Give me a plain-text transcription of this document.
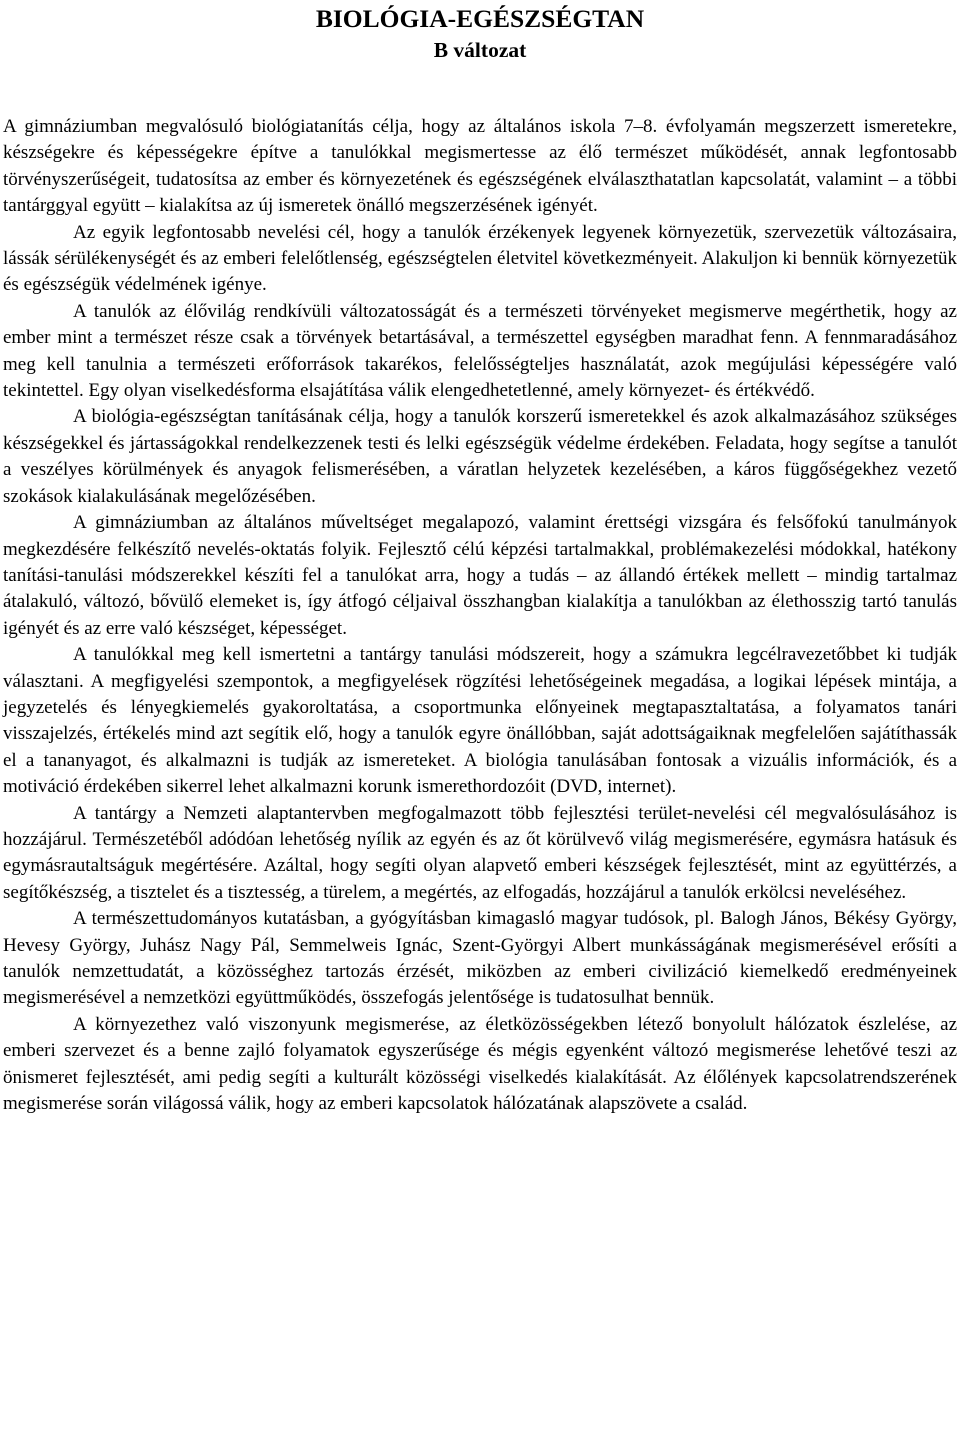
BIOLÓGIA-EGÉSZSÉGTAN
B változat

A gimnáziumban megvalósuló biológiatanítás célja, hogy az általános iskola 7–8. évfolyamán megszerzett ismeretekre, készségekre és képességekre építve a tanulókkal megismertesse az élő természet működését, annak legfontosabb törvényszerűségeit, tudatosítsa az ember és környezetének és egészségének elválaszthatatlan kapcsolatát, valamint – a többi tantárggyal együtt – kialakítsa az új ismeretek önálló megszerzésének igényét.

Az egyik legfontosabb nevelési cél, hogy a tanulók érzékenyek legyenek környezetük, szervezetük változásaira, lássák sérülékenységét és az emberi felelőtlenség, egészségtelen életvitel következményeit. Alakuljon ki bennük környezetük és egészségük védelmének igénye.

A tanulók az élővilág rendkívüli változatosságát és a természeti törvényeket megismerve megérthetik, hogy az ember mint a természet része csak a törvények betartásával, a természettel egységben maradhat fenn. A fennmaradásához meg kell tanulnia a természeti erőforrások takarékos, felelősségteljes használatát, azok megújulási képességére való tekintettel. Egy olyan viselkedésforma elsajátítása válik elengedhetetlenné, amely környezet- és értékvédő.

A biológia-egészségtan tanításának célja, hogy a tanulók korszerű ismeretekkel és azok alkalmazásához szükséges készségekkel és jártasságokkal rendelkezzenek testi és lelki egészségük védelme érdekében. Feladata, hogy segítse a tanulót a veszélyes körülmények és anyagok felismerésében, a váratlan helyzetek kezelésében, a káros függőségekhez vezető szokások kialakulásának megelőzésében.

A gimnáziumban az általános műveltséget megalapozó, valamint érettségi vizsgára és felsőfokú tanulmányok megkezdésére felkészítő nevelés-oktatás folyik. Fejlesztő célú képzési tartalmakkal, problémakezelési módokkal, hatékony tanítási-tanulási módszerekkel készíti fel a tanulókat arra, hogy a tudás – az állandó értékek mellett – mindig tartalmaz átalakuló, változó, bővülő elemeket is, így átfogó céljaival összhangban kialakítja a tanulókban az élethosszig tartó tanulás igényét és az erre való készséget, képességet.

A tanulókkal meg kell ismertetni a tantárgy tanulási módszereit, hogy a számukra legcélravezetőbbet ki tudják választani. A megfigyelési szempontok, a megfigyelések rögzítési lehetőségeinek megadása, a logikai lépések mintája, a jegyzetelés és lényegkiemelés gyakoroltatása, a csoportmunka előnyeinek megtapasztaltatása, a folyamatos tanári visszajelzés, értékelés mind azt segítik elő, hogy a tanulók egyre önállóbban, saját adottságaiknak megfelelően sajátíthassák el a tananyagot, és alkalmazni is tudják az ismereteket. A biológia tanulásában fontosak a vizuális információk, és a motiváció érdekében sikerrel lehet alkalmazni korunk ismerethordozóit (DVD, internet).

A tantárgy a Nemzeti alaptantervben megfogalmazott több fejlesztési terület-nevelési cél megvalósulásához is hozzájárul. Természetéből adódóan lehetőség nyílik az egyén és az őt körülvevő világ megismerésére, egymásra hatásuk és egymásrautaltságuk megértésére. Azáltal, hogy segíti olyan alapvető emberi készségek fejlesztését, mint az együttérzés, a segítőkészség, a tisztelet és a tisztesség, a türelem, a megértés, az elfogadás, hozzájárul a tanulók erkölcsi neveléséhez.

A természettudományos kutatásban, a gyógyításban kimagasló magyar tudósok, pl. Balogh János, Békésy György, Hevesy György, Juhász Nagy Pál, Semmelweis Ignác, Szent-Györgyi Albert munkásságának megismerésével erősíti a tanulók nemzettudatát, a közösséghez tartozás érzését, miközben az emberi civilizáció kiemelkedő eredményeinek megismerésével a nemzetközi együttműködés, összefogás jelentősége is tudatosulhat bennük.

A környezethez való viszonyunk megismerése, az életközösségekben létező bonyolult hálózatok észlelése, az emberi szervezet és a benne zajló folyamatok egyszerűsége és mégis egyenként változó megismerése lehetővé teszi az önismeret fejlesztését, ami pedig segíti a kulturált közösségi viselkedés kialakítását. Az élőlények kapcsolatrendszerének megismerése során világossá válik, hogy az emberi kapcsolatok hálózatának alapszövete a család.
